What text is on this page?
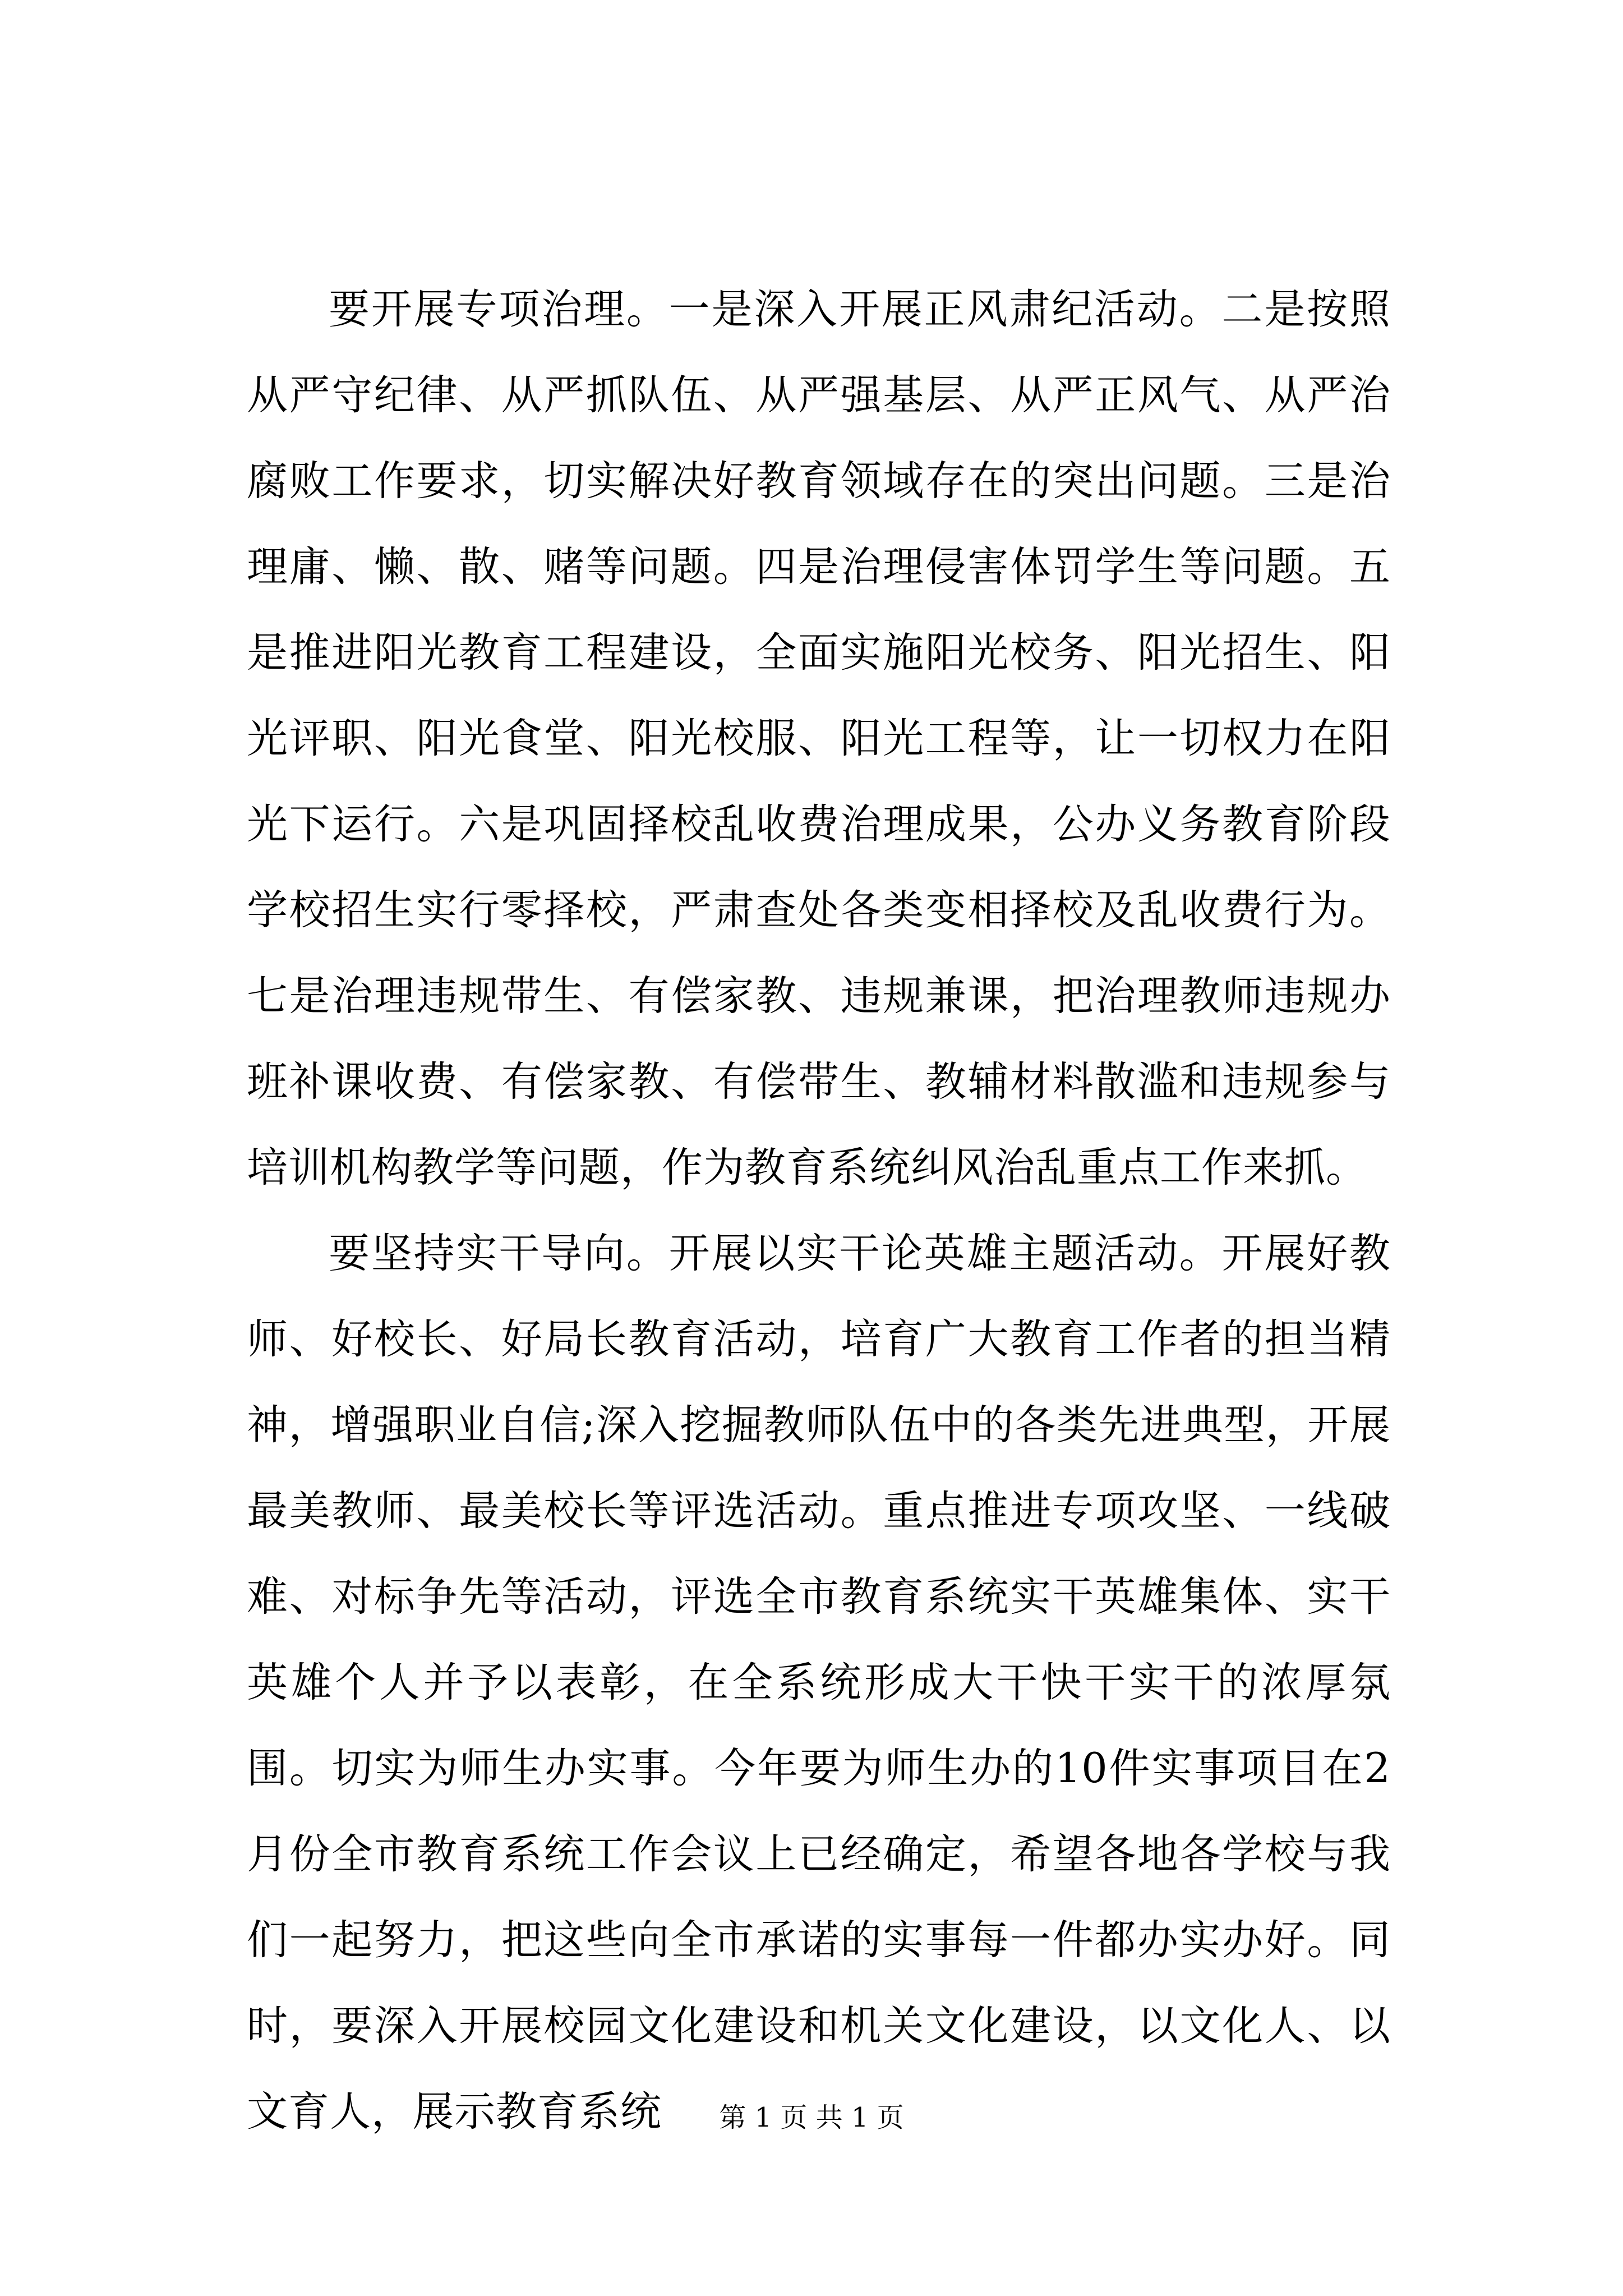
要开展专项治理。一是深入开展正风肃纪活动。二是按照从严守纪律、从严抓队伍、从严强基层、从严正风气、从严治腐败工作要求，切实解决好教育领域存在的突出问题。三是治理庸、懒、散、赌等问题。四是治理侵害体罚学生等问题。五是推进阳光教育工程建设，全面实施阳光校务、阳光招生、阳光评职、阳光食堂、阳光校服、阳光工程等，让一切权力在阳光下运行。六是巩固择校乱收费治理成果，公办义务教育阶段学校招生实行零择校，严肃查处各类变相择校及乱收费行为。七是治理违规带生、有偿家教、违规兼课，把治理教师违规办班补课收费、有偿家教、有偿带生、教辅材料散滥和违规参与培训机构教学等问题，作为教育系统纠风治乱重点工作来抓。

要坚持实干导向。开展以实干论英雄主题活动。开展好教师、好校长、好局长教育活动，培育广大教育工作者的担当精神，增强职业自信;深入挖掘教师队伍中的各类先进典型，开展最美教师、最美校长等评选活动。重点推进专项攻坚、一线破难、对标争先等活动，评选全市教育系统实干英雄集体、实干英雄个人并予以表彰，在全系统形成大干快干实干的浓厚氛围。切实为师生办实事。今年要为师生办的10件实事项目在2月份全市教育系统工作会议上已经确定，希望各地各学校与我们一起努力，把这些向全市承诺的实事每一件都办实办好。同时，要深入开展校园文化建设和机关文化建设，以文化人、以文育人，展示教育系统	第 1 页 共 1 页
